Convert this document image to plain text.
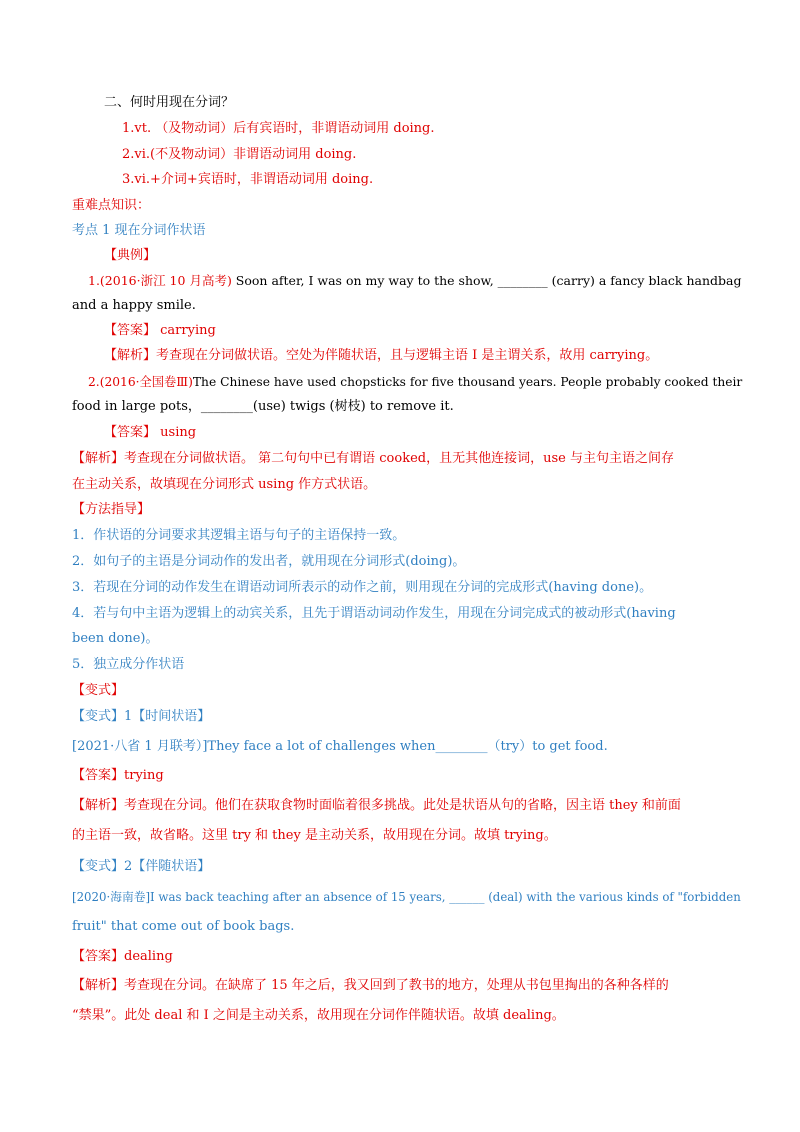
二、何时用现在分词？
1.vt. （及物动词）后有宾语时，非谓语动词用 doing.
2.vi.(不及物动词）非谓语动词用 doing.
3.vi.+介词+宾语时，非谓语动词用 doing.
重难点知识：
考点 1 现在分词作状语
【典例】
1.(2016·浙江 10 月高考) Soon after, I was on my way to the show, ________ (carry) a fancy black handbag
and a happy smile.
【答案】 carrying
【解析】考查现在分词做状语。空处为伴随状语，且与逻辑主语 I 是主谓关系，故用 carrying。
2.(2016·全国卷Ⅲ)The Chinese have used chopsticks for five thousand years. People probably cooked their
food in large pots，________(use) twigs (树枝) to remove it.
【答案】 using
【解析】考查现在分词做状语。 第二句句中已有谓语 cooked，且无其他连接词，use 与主句主语之间存
在主动关系，故填现在分词形式 using 作方式状语。
【方法指导】
1．作状语的分词要求其逻辑主语与句子的主语保持一致。
2．如句子的主语是分词动作的发出者，就用现在分词形式(doing)。
3．若现在分词的动作发生在谓语动词所表示的动作之前，则用现在分词的完成形式(having done)。
4．若与句中主语为逻辑上的动宾关系，且先于谓语动词动作发生，用现在分词完成式的被动形式(having
been done)。
5．独立成分作状语
【变式】
【变式】1【时间状语】
[2021·八省 1 月联考）]They face a lot of challenges when________（try）to get food.
【答案】trying
【解析】考查现在分词。他们在获取食物时面临着很多挑战。此处是状语从句的省略，因主语 they 和前面
的主语一致，故省略。这里 try 和 they 是主动关系，故用现在分词。故填 trying。
【变式】2【伴随状语】
[2020·海南卷]I was back teaching after an absence of 15 years, ______ (deal) with the various kinds of "forbidden
fruit" that come out of book bags.
【答案】dealing
【解析】考查现在分词。在缺席了 15 年之后，我又回到了教书的地方，处理从书包里掏出的各种各样的
“禁果”。此处 deal 和 I 之间是主动关系，故用现在分词作伴随状语。故填 dealing。
